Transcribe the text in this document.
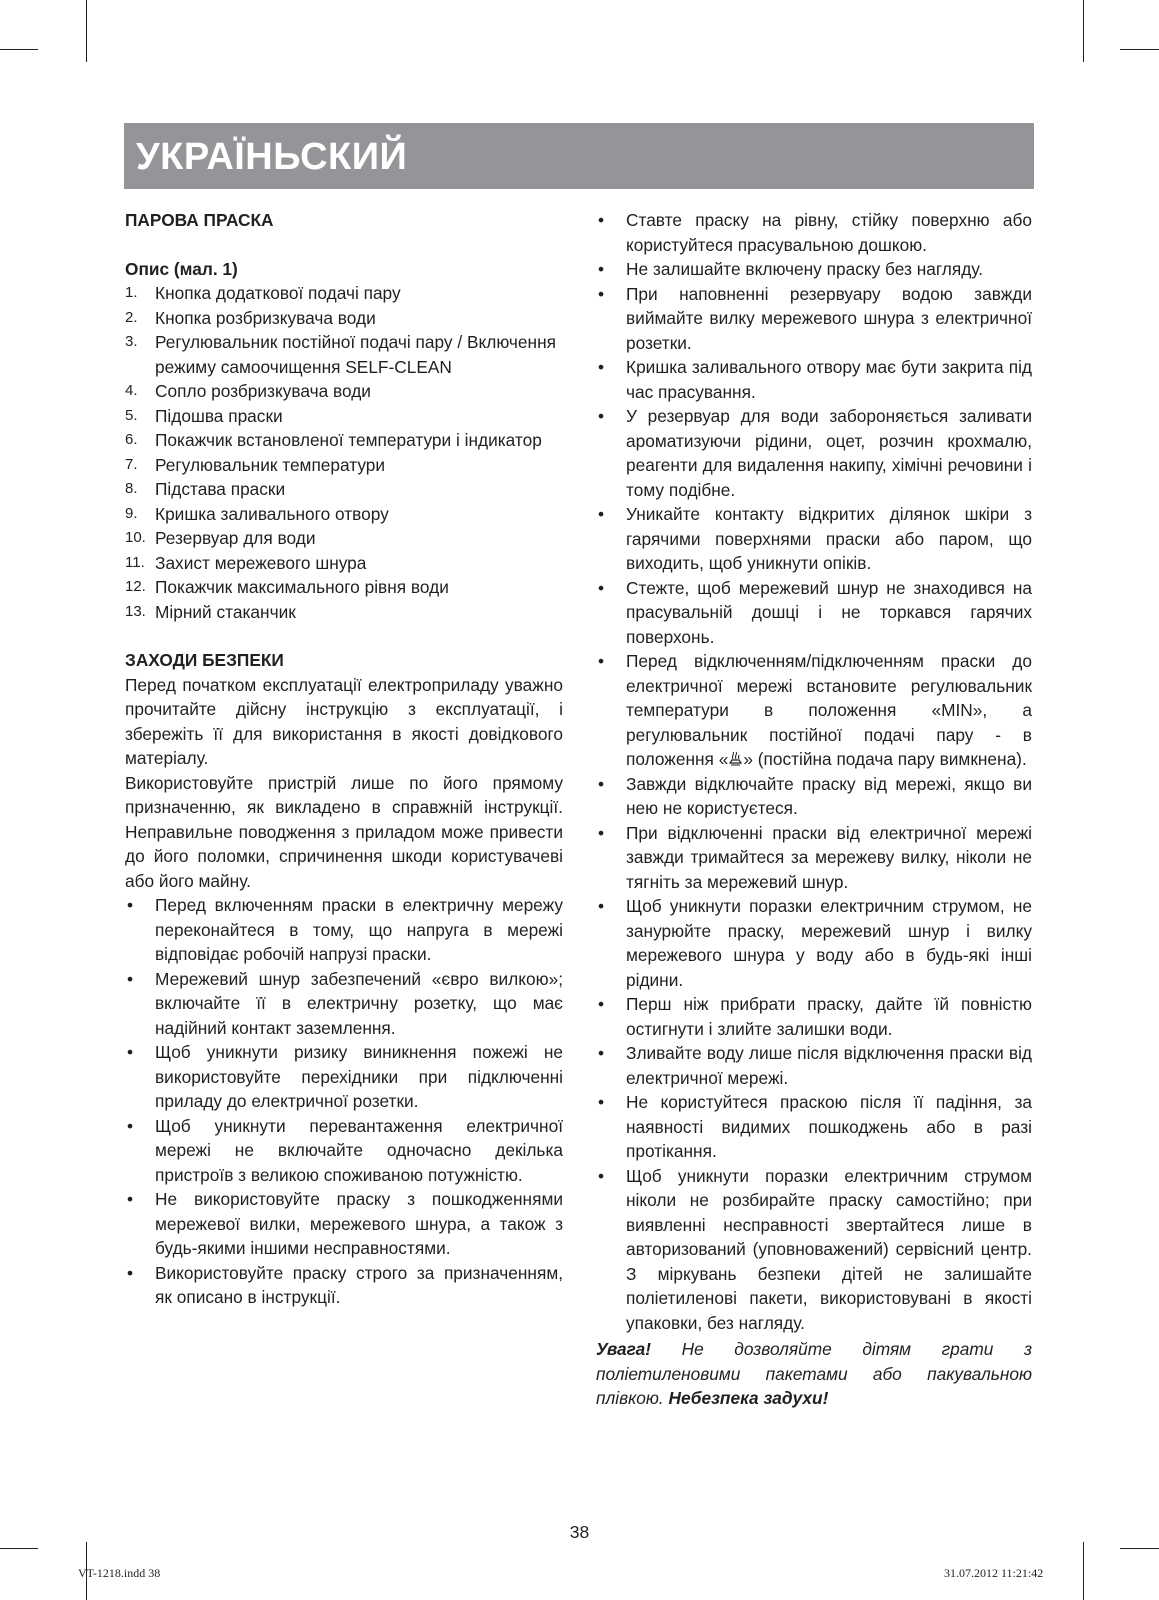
УКРАЇНЬСКИЙ

ПАРОВА ПРАСКА

Опис (мал. 1)

1. Кнопка додаткової подачі пару
2. Кнопка розбризкувача води
3. Регулювальник постійної подачі пару / Включення режиму самоочищення SELF-CLEAN
4. Сопло розбризкувача води
5. Підошва праски
6. Покажчик встановленої температури і індикатор
7. Регулювальник температури
8. Підстава праски
9. Кришка заливального отвору
10. Резервуар для води
11. Захист мережевого шнура
12. Покажчик максимального рівня води
13. Мірний стаканчик

ЗАХОДИ БЕЗПЕКИ

Перед початком експлуатації електроприладу уважно прочитайте дійсну інструкцію з експлуатації, і збережіть її для використання в якості довідкового матеріалу.

Використовуйте пристрій лише по його прямому призначенню, як викладено в справжній інструкції. Неправильне поводження з приладом може привести до його поломки, спричинення шкоди користувачеві або його майну.

• Перед включенням праски в електричну мережу переконайтеся в тому, що напруга в мережі відповідає робочій напрузі праски.
• Мережевий шнур забезпечений «євро вилкою»; включайте її в електричну розетку, що має надійний контакт заземлення.
• Щоб уникнути ризику виникнення пожежі не використовуйте перехідники при підключенні приладу до електричної розетки.
• Щоб уникнути перевантаження електричної мережі не включайте одночасно декілька пристроїв з великою споживаною потужністю.
• Не використовуйте праску з пошкодженнями мережевої вилки, мережевого шнура, а також з будь-якими іншими несправностями.
• Використовуйте праску строго за призначенням, як описано в інструкції.
• Ставте праску на рівну, стійку поверхню або користуйтеся прасувальною дошкою.
• Не залишайте включену праску без нагляду.
• При наповненні резервуару водою завжди виймайте вилку мережевого шнура з електричної розетки.
• Кришка заливального отвору має бути закрита під час прасування.
• У резервуар для води забороняється заливати ароматизуючи рідини, оцет, розчин крохмалю, реагенти для видалення накипу, хімічні речовини і тому подібне.
• Уникайте контакту відкритих ділянок шкіри з гарячими поверхнями праски або паром, що виходить, щоб уникнути опіків.
• Стежте, щоб мережевий шнур не знаходився на прасувальній дошці і не торкався гарячих поверхонь.
• Перед відключенням/підключенням праски до електричної мережі встановите регулювальник температури в положення «MIN», а регулювальник постійної подачі пару - в положення « » (постійна подача пару вимкнена).
• Завжди відключайте праску від мережі, якщо ви нею не користуєтеся.
• При відключенні праски від електричної мережі завжди тримайтеся за мережеву вилку, ніколи не тягніть за мережевий шнур.
• Щоб уникнути поразки електричним струмом, не занурюйте праску, мережевий шнур і вилку мережевого шнура у воду або в будь-які інші рідини.
• Перш ніж прибрати праску, дайте їй повністю остигнути і злийте залишки води.
• Зливайте воду лише після відключення праски від електричної мережі.
• Не користуйтеся праскою після її падіння, за наявності видимих пошкоджень або в разі протікання.
• Щоб уникнути поразки електричним струмом ніколи не розбирайте праску самостійно; при виявленні несправності звертайтеся лише в авторизований (уповноважений) сервісний центр. З міркувань безпеки дітей не залишайте поліетиленові пакети, використовувані в якості упаковки, без нагляду.

Увага! Не дозволяйте дітям грати з поліетиленовими пакетами або пакувальною плівкою. Небезпека задухи!

38
VT-1218.indd 38	31.07.2012 11:21:42
